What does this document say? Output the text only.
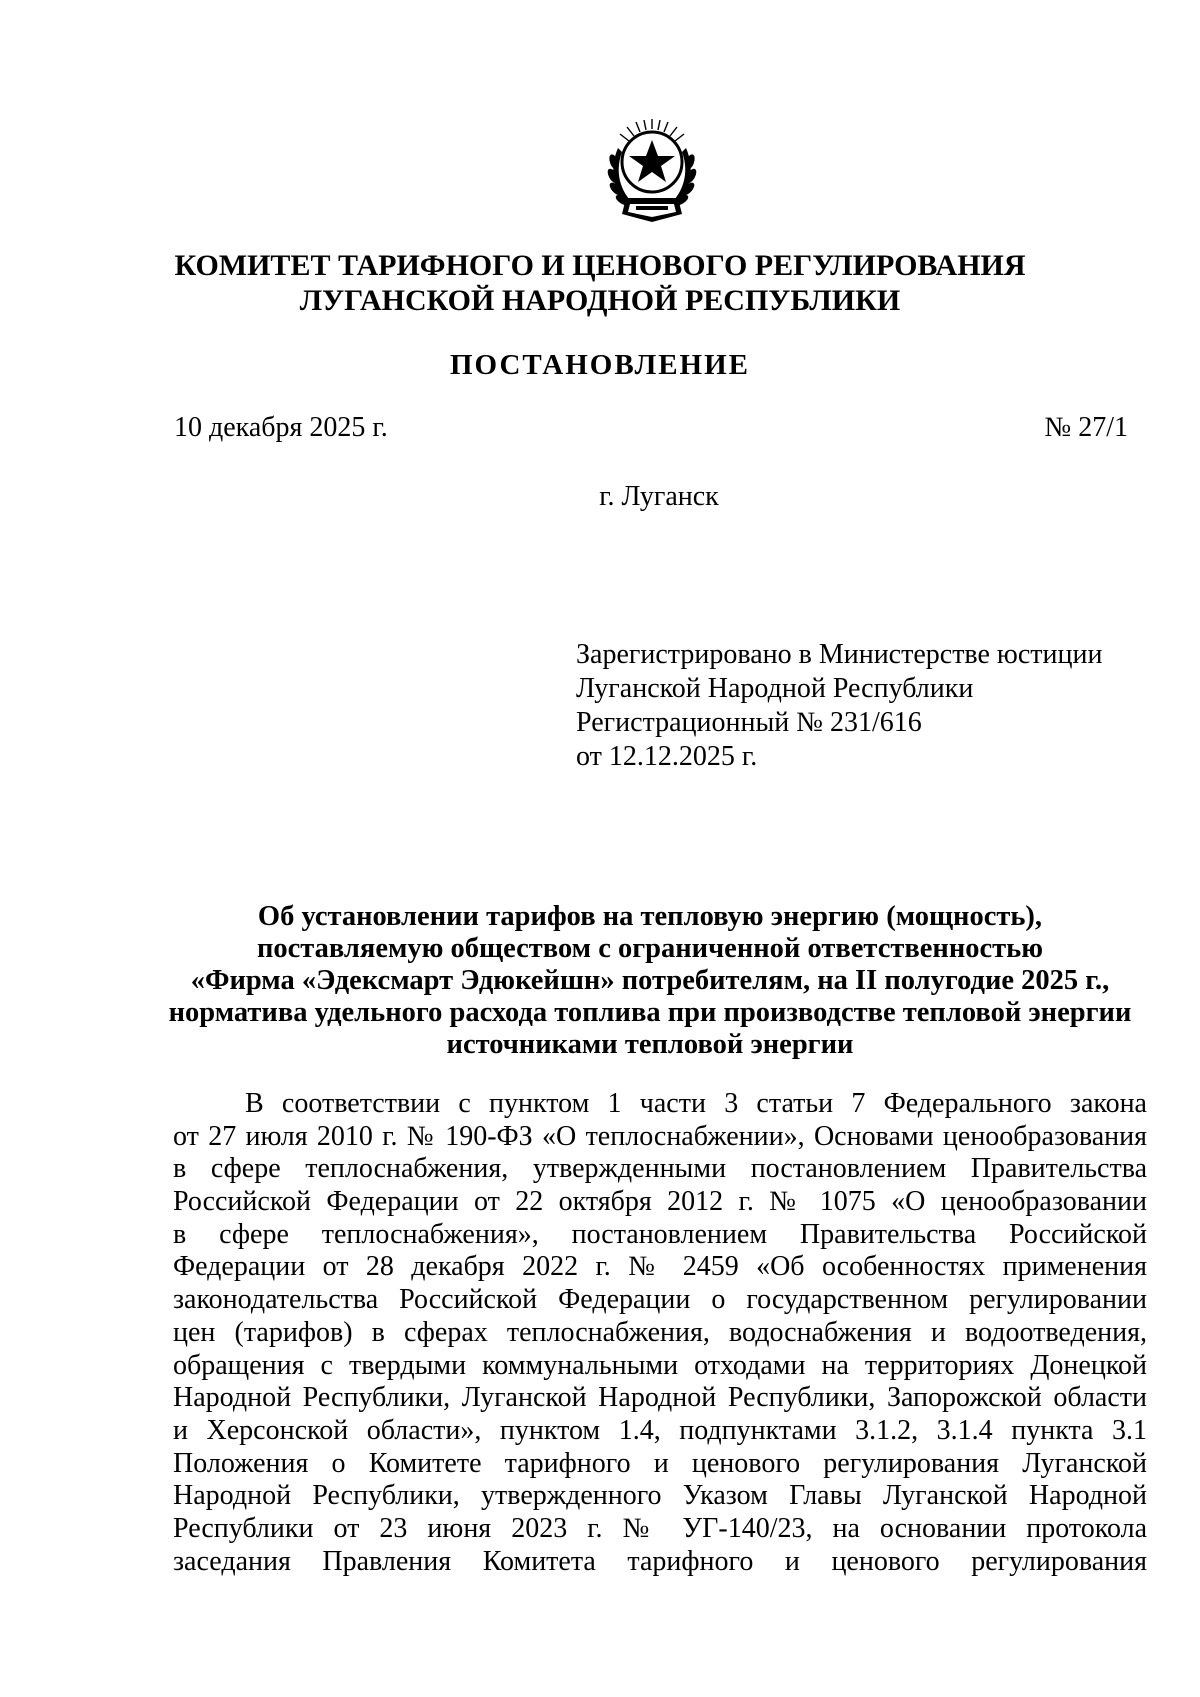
КОМИТЕТ ТАРИФНОГО И ЦЕНОВОГО РЕГУЛИРОВАНИЯ
ЛУГАНСКОЙ НАРОДНОЙ РЕСПУБЛИКИ
ПОСТАНОВЛЕНИЕ
10 декабря 2025 г.	№ 27/1
г. Луганск
Зарегистрировано в Министерстве юстиции
Луганской Народной Республики
Регистрационный № 231/616
от 12.12.2025 г.
Об установлении тарифов на тепловую энергию (мощность),
поставляемую обществом с ограниченной ответственностью
«Фирма «Эдексмарт Эдюкейшн» потребителям, на II полугодие 2025 г.,
норматива удельного расхода топлива при производстве тепловой энергии
источниками тепловой энергии
В соответствии с пунктом 1 части 3 статьи 7 Федерального закона
от 27 июля 2010 г. № 190-ФЗ «О теплоснабжении», Основами ценообразования
в сфере теплоснабжения, утвержденными постановлением Правительства
Российской Федерации от 22 октября 2012 г. № 1075 «О ценообразовании
в сфере теплоснабжения», постановлением Правительства Российской
Федерации от 28 декабря 2022 г. № 2459 «Об особенностях применения
законодательства Российской Федерации о государственном регулировании
цен (тарифов) в сферах теплоснабжения, водоснабжения и водоотведения,
обращения с твердыми коммунальными отходами на территориях Донецкой
Народной Республики, Луганской Народной Республики, Запорожской области
и Херсонской области», пунктом 1.4, подпунктами 3.1.2, 3.1.4 пункта 3.1
Положения о Комитете тарифного и ценового регулирования Луганской
Народной Республики, утвержденного Указом Главы Луганской Народной
Республики от 23 июня 2023 г. № УГ-140/23, на основании протокола
заседания Правления Комитета тарифного и ценового регулирования
